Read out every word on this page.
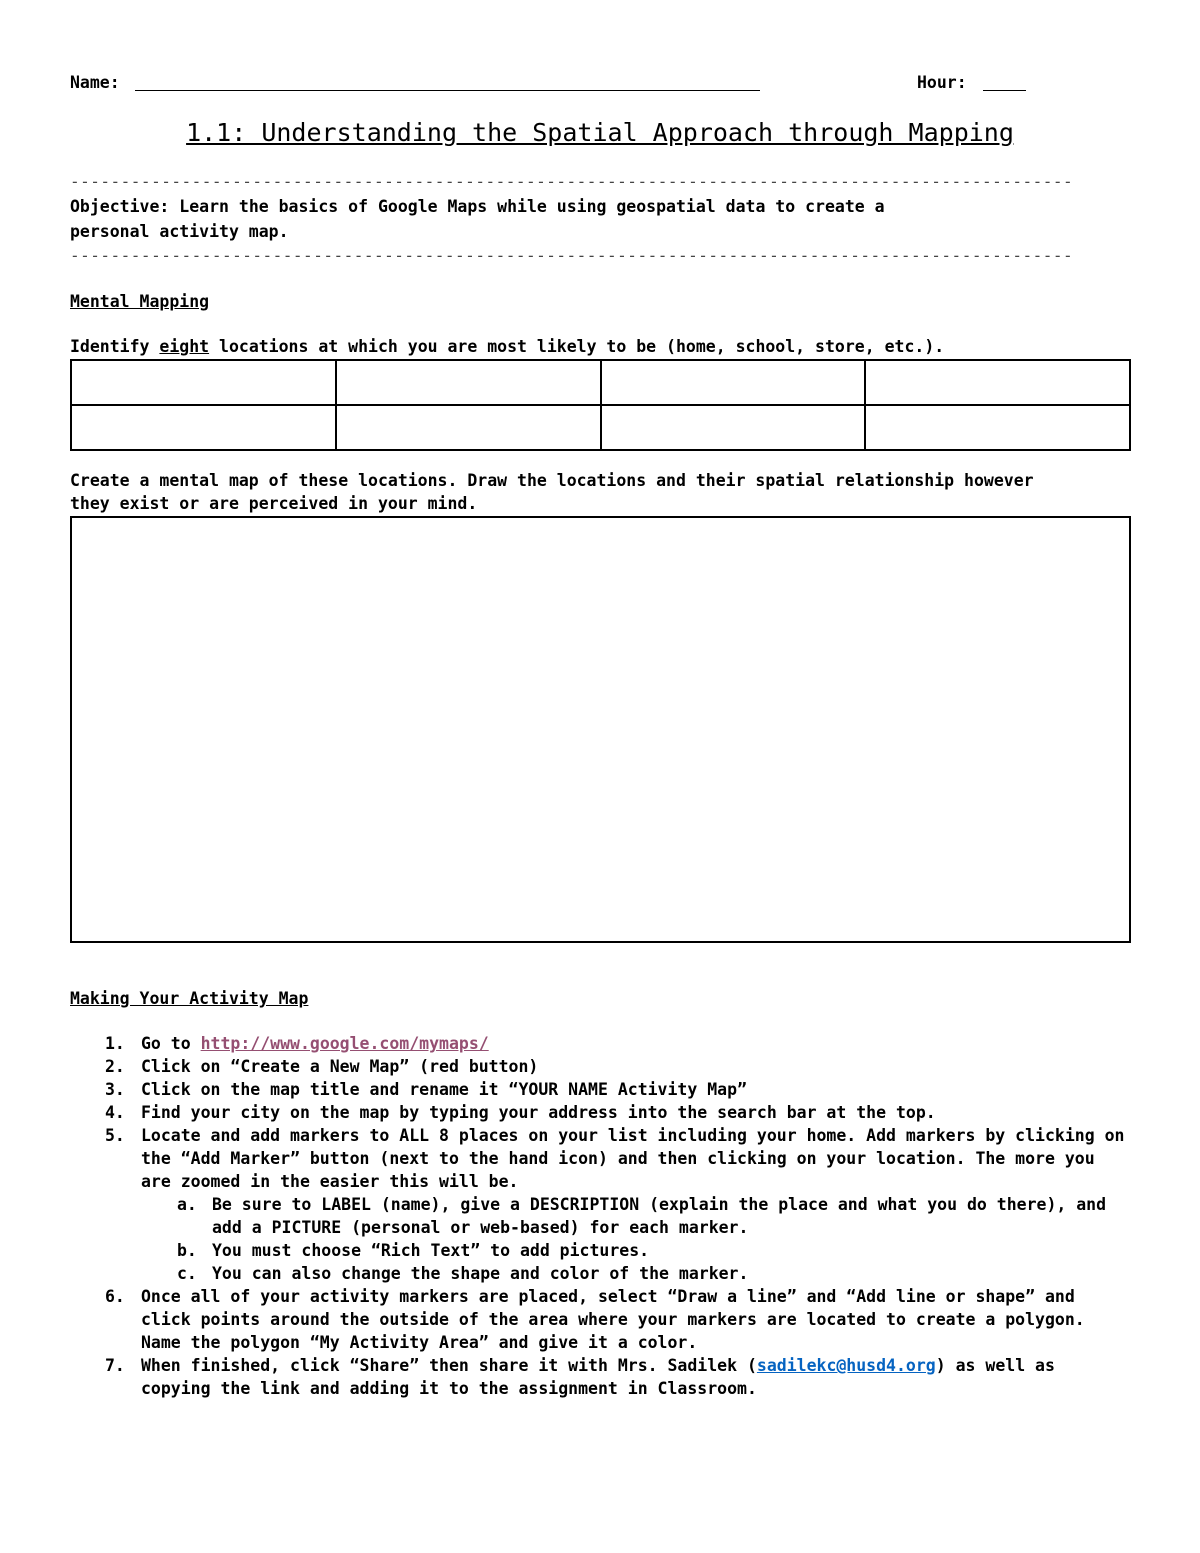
Name:	Hour:
1.1: Understanding the Spatial Approach through Mapping
---------------------------------------------------------------------------------------------------
Objective: Learn the basics of Google Maps while using geospatial data to create a
personal activity map.
---------------------------------------------------------------------------------------------------
Mental Mapping
Identify eight locations at which you are most likely to be (home, school, store, etc.).

Create a mental map of these locations. Draw the locations and their spatial relationship however
they exist or are perceived in your mind.
Making Your Activity Map
1. Go to http://www.google.com/mymaps/
2. Click on “Create a New Map” (red button)
3. Click on the map title and rename it “YOUR NAME Activity Map”
4. Find your city on the map by typing your address into the search bar at the top.
5. Locate and add markers to ALL 8 places on your list including your home. Add markers by clicking on the “Add Marker” button (next to the hand icon) and then clicking on your location. The more you are zoomed in the easier this will be.
a. Be sure to LABEL (name), give a DESCRIPTION (explain the place and what you do there), and add a PICTURE (personal or web-based) for each marker.
b. You must choose “Rich Text” to add pictures.
c. You can also change the shape and color of the marker.
6. Once all of your activity markers are placed, select “Draw a line” and “Add line or shape” and click points around the outside of the area where your markers are located to create a polygon. Name the polygon “My Activity Area” and give it a color.
7. When finished, click “Share” then share it with Mrs. Sadilek (sadilekc@husd4.org) as well as copying the link and adding it to the assignment in Classroom.
